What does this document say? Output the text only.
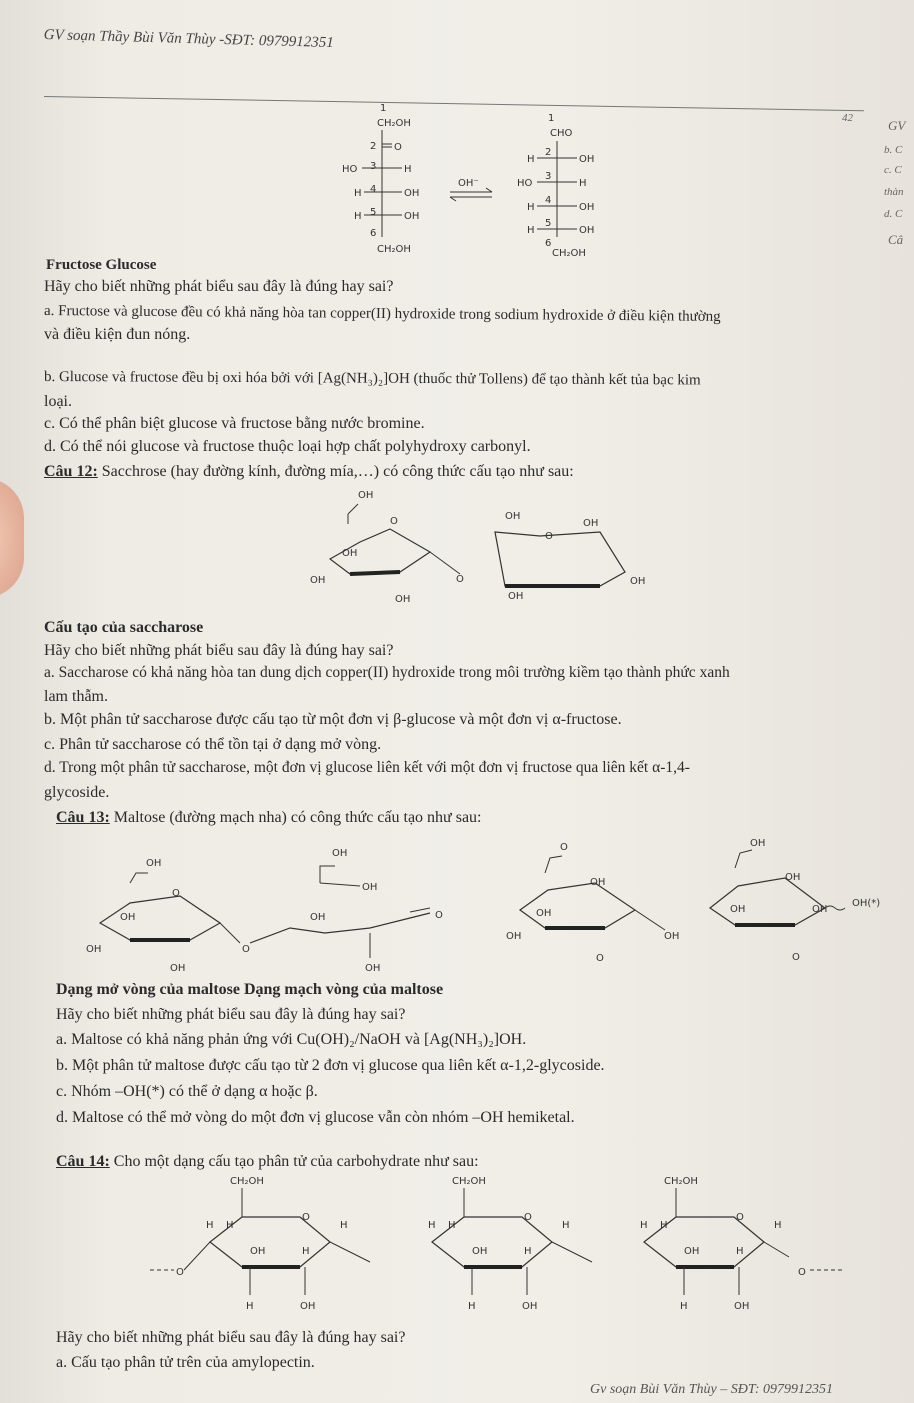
GV soạn Thầy Bùi Văn Thùy -SĐT: 0979912351
42	GV
b. C
c. C
thàn
d. C
Câ
1
2
3
4
5
6
CH₂OH
O
HO	H
H	OH
H	OH
CH₂OH
OH⁻
1
CHO
H	OH
2
HO	H
3
H	OH
4
H	OH
5
6
CH₂OH
Fructose Glucose
Hãy cho biết những phát biểu sau đây là đúng hay sai?
a. Fructose và glucose đều có khả năng hòa tan copper(II) hydroxide trong sodium hydroxide ở điều kiện thường
và điều kiện đun nóng.
b. Glucose và fructose đều bị oxi hóa bởi với [Ag(NH₃)₂]OH (thuốc thử Tollens) để tạo thành kết tủa bạc kim
loại.
c. Có thể phân biệt glucose và fructose bằng nước bromine.
d. Có thể nói glucose và fructose thuộc loại hợp chất polyhydroxy carbonyl.
Câu 12: Sacchrose (hay đường kính, đường mía,…) có công thức cấu tạo như sau:
OH
O
OH
OH
OH
O
OH
O
OH
OH
OH
Cấu tạo của saccharose
Hãy cho biết những phát biểu sau đây là đúng hay sai?
a. Saccharose có khả năng hòa tan dung dịch copper(II) hydroxide trong môi trường kiềm tạo thành phức xanh
lam thẫm.
b. Một phân tử saccharose được cấu tạo từ một đơn vị β-glucose và một đơn vị α-fructose.
c. Phân tử saccharose có thể tồn tại ở dạng mở vòng.
d. Trong một phân tử saccharose, một đơn vị glucose liên kết với một đơn vị fructose qua liên kết α-1,4-
glycoside.
Câu 13: Maltose (đường mạch nha) có công thức cấu tạo như sau:
OH
O
OH
OH
OH
O
OH
OH
O
OH
OH
O
OH
OH
OH
O
OH
OH
OH
OH
O
OH
OH(*)
Dạng mở vòng của maltose Dạng mạch vòng của maltose
Hãy cho biết những phát biểu sau đây là đúng hay sai?
a. Maltose có khả năng phản ứng với Cu(OH)₂/NaOH và [Ag(NH₃)₂]OH.
b. Một phân tử maltose được cấu tạo từ 2 đơn vị glucose qua liên kết α-1,2-glycoside.
c. Nhóm –OH(*) có thể ở dạng α hoặc β.
d. Maltose có thể mở vòng do một đơn vị glucose vẫn còn nhóm –OH hemiketal.
Câu 14: Cho một dạng cấu tạo phân tử của carbohydrate như sau:
CH₂OH
O
H H	H
OH	H
H	OH
O
CH₂OH
O
H H	H
OH	H
H	OH
CH₂OH
O
H H	H
OH	H
H	OH
O
Hãy cho biết những phát biểu sau đây là đúng hay sai?
a. Cấu tạo phân tử trên của amylopectin.
Gv soạn Bùi Văn Thùy – SĐT: 0979912351
